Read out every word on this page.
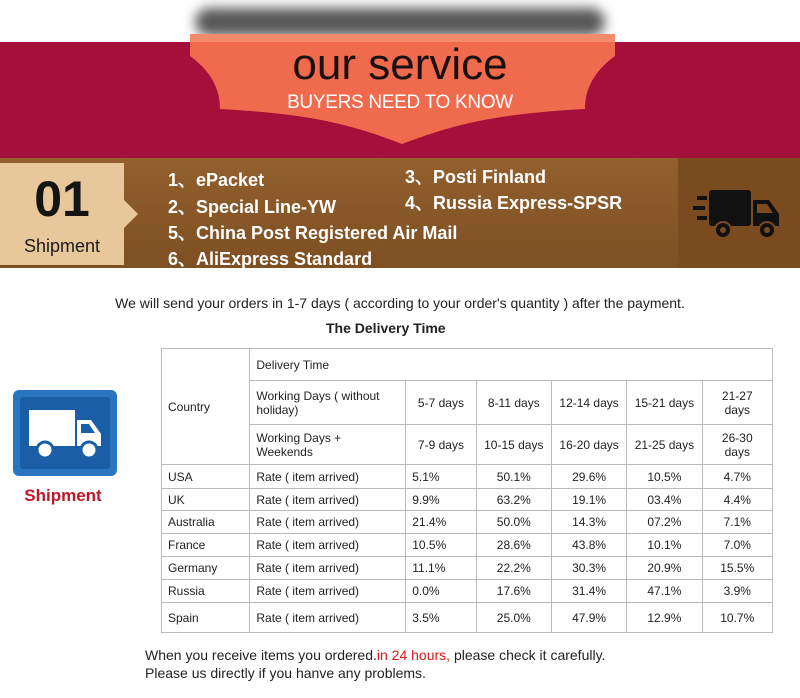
our service
BUYERS NEED TO KNOW
01
Shipment
1、ePacket
2、Special Line-YW
3、Posti Finland
4、Russia Express-SPSR
5、China Post Registered Air Mail
6、AliExpress Standard
We will send your orders in 1-7 days ( according to your order's quantity ) after the payment.
The Delivery Time
Country	Delivery Time					
	Working Days ( without holiday)	5-7 days	8-11 days	12-14 days	15-21 days	21-27 days
	Working Days + Weekends	7-9 days	10-15 days	16-20 days	21-25 days	26-30 days
USA	Rate ( item arrived)	5.1%	50.1%	29.6%	10.5%	4.7%
UK	Rate ( item arrived)	9.9%	63.2%	19.1%	03.4%	4.4%
Australia	Rate ( item arrived)	21.4%	50.0%	14.3%	07.2%	7.1%
France	Rate ( item arrived)	10.5%	28.6%	43.8%	10.1%	7.0%
Germany	Rate ( item arrived)	11.1%	22.2%	30.3%	20.9%	15.5%
Russia	Rate ( item arrived)	0.0%	17.6%	31.4%	47.1%	3.9%
Spain	Rate ( item arrived)	3.5%	25.0%	47.9%	12.9%	10.7%
Shipment
When you receive items you ordered.in 24 hours, please check it carefully.
Please us directly if you hanve any problems.
